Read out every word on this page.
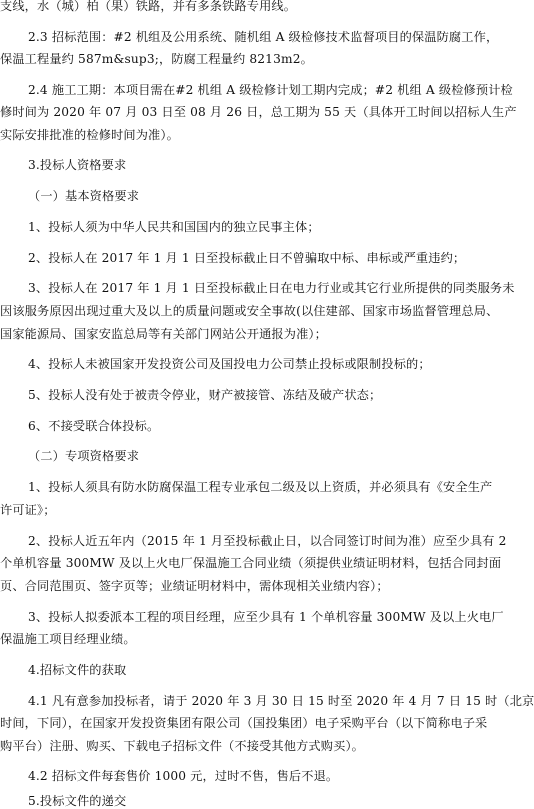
支线，水（城）柏（果）铁路，并有多条铁路专用线。
2.3 招标范围：#2 机组及公用系统、随机组 A 级检修技术监督项目的保温防腐工作，
保温工程量约 587m&sup3;，防腐工程量约 8213m2。
2.4 施工工期：本项目需在#2 机组 A 级检修计划工期内完成；#2 机组 A 级检修预计检
修时间为 2020 年 07 月 03 日至 08 月 26 日，总工期为 55 天（具体开工时间以招标人生产
实际安排批准的检修时间为准）。
3.投标人资格要求
（一）基本资格要求
1、投标人须为中华人民共和国国内的独立民事主体；
2、投标人在 2017 年 1 月 1 日至投标截止日不曾骗取中标、串标或严重违约；
3、投标人在 2017 年 1 月 1 日至投标截止日在电力行业或其它行业所提供的同类服务未
因该服务原因出现过重大及以上的质量问题或安全事故(以住建部、国家市场监督管理总局、
国家能源局、国家安监总局等有关部门网站公开通报为准）；
4、投标人未被国家开发投资公司及国投电力公司禁止投标或限制投标的；
5、投标人没有处于被责令停业，财产被接管、冻结及破产状态；
6、不接受联合体投标。
（二）专项资格要求
1、投标人须具有防水防腐保温工程专业承包二级及以上资质，并必须具有《安全生产
许可证》；
2、投标人近五年内（2015 年 1 月至投标截止日，以合同签订时间为准）应至少具有 2
个单机容量 300MW 及以上火电厂保温施工合同业绩（须提供业绩证明材料，包括合同封面
页、合同范围页、签字页等；业绩证明材料中，需体现相关业绩内容）；
3、投标人拟委派本工程的项目经理，应至少具有 1 个单机容量 300MW 及以上火电厂
保温施工项目经理业绩。
4.招标文件的获取
4.1 凡有意参加投标者，请于 2020 年 3 月 30 日 15 时至 2020 年 4 月 7 日 15 时（北京
时间，下同），在国家开发投资集团有限公司（国投集团）电子采购平台（以下简称电子采
购平台）注册、购买、下载电子招标文件（不接受其他方式购买）。
4.2 招标文件每套售价 1000 元，过时不售，售后不退。
5.投标文件的递交
